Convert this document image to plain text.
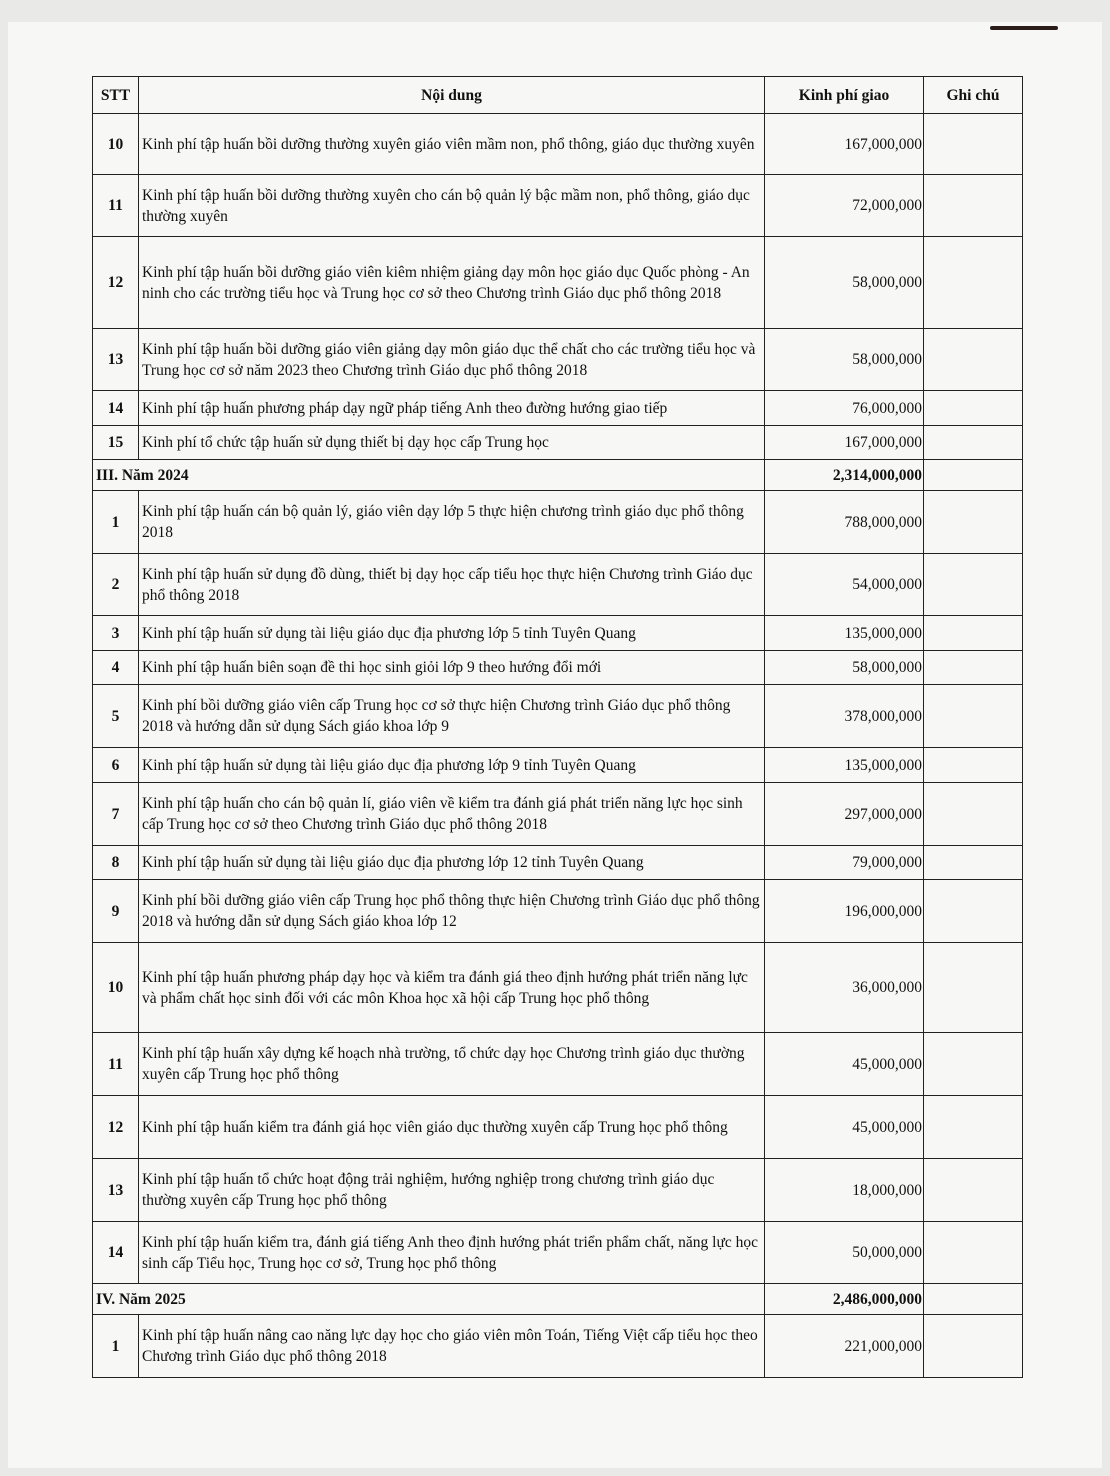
STT	Nội dung	Kinh phí giao	Ghi chú
10	Kinh phí tập huấn bồi dưỡng thường xuyên giáo viên mầm non, phổ thông, giáo dục thường xuyên	167,000,000	
11	Kinh phí tập huấn bồi dưỡng thường xuyên cho cán bộ quản lý bậc mầm non, phổ thông, giáo dục thường xuyên	72,000,000	
12	Kinh phí tập huấn bồi dưỡng giáo viên kiêm nhiệm giảng dạy môn học giáo dục Quốc phòng - An ninh cho các trường tiểu học và Trung học cơ sở theo Chương trình Giáo dục phổ thông 2018	58,000,000	
13	Kinh phí tập huấn bồi dưỡng giáo viên giảng dạy môn giáo dục thể chất cho các trường tiểu học và Trung học cơ sở năm 2023 theo Chương trình Giáo dục phổ thông 2018	58,000,000	
14	Kinh phí tập huấn phương pháp dạy ngữ pháp tiếng Anh theo đường hướng giao tiếp	76,000,000	
15	Kinh phí tổ chức tập huấn sử dụng thiết bị dạy học cấp Trung học	167,000,000	
III. Năm 2024		2,314,000,000	
1	Kinh phí tập huấn cán bộ quản lý, giáo viên dạy lớp 5 thực hiện chương trình giáo dục phổ thông 2018	788,000,000	
2	Kinh phí tập huấn sử dụng đồ dùng, thiết bị dạy học cấp tiểu học thực hiện Chương trình Giáo dục phổ thông 2018	54,000,000	
3	Kinh phí tập huấn sử dụng tài liệu giáo dục địa phương lớp 5 tỉnh Tuyên Quang	135,000,000	
4	Kinh phí tập huấn biên soạn đề thi học sinh giỏi lớp 9 theo hướng đổi mới	58,000,000	
5	Kinh phí bồi dưỡng giáo viên cấp Trung học cơ sở thực hiện Chương trình Giáo dục phổ thông 2018 và hướng dẫn sử dụng Sách giáo khoa lớp 9	378,000,000	
6	Kinh phí tập huấn sử dụng tài liệu giáo dục địa phương lớp 9 tỉnh Tuyên Quang	135,000,000	
7	Kinh phí tập huấn cho cán bộ quản lí, giáo viên về kiểm tra đánh giá phát triển năng lực học sinh cấp Trung học cơ sở theo Chương trình Giáo dục phổ thông 2018	297,000,000	
8	Kinh phí tập huấn sử dụng tài liệu giáo dục địa phương lớp 12 tỉnh Tuyên Quang	79,000,000	
9	Kinh phí bồi dưỡng giáo viên cấp Trung học phổ thông thực hiện Chương trình Giáo dục phổ thông 2018 và hướng dẫn sử dụng Sách giáo khoa lớp 12	196,000,000	
10	Kinh phí tập huấn phương pháp dạy học và kiểm tra đánh giá theo định hướng phát triển năng lực và phẩm chất học sinh đối với các môn Khoa học xã hội cấp Trung học phổ thông	36,000,000	
11	Kinh phí tập huấn xây dựng kế hoạch nhà trường, tổ chức dạy học Chương trình giáo dục thường xuyên cấp Trung học phổ thông	45,000,000	
12	Kinh phí tập huấn kiểm tra đánh giá học viên giáo dục thường xuyên cấp Trung học phổ thông	45,000,000	
13	Kinh phí tập huấn tổ chức hoạt động trải nghiệm, hướng nghiệp trong chương trình giáo dục thường xuyên cấp Trung học phổ thông	18,000,000	
14	Kinh phí tập huấn kiểm tra, đánh giá tiếng Anh theo định hướng phát triển phẩm chất, năng lực học sinh cấp Tiểu học, Trung học cơ sở, Trung học phổ thông	50,000,000	
IV. Năm 2025		2,486,000,000	
1	Kinh phí tập huấn nâng cao năng lực dạy học cho giáo viên môn Toán, Tiếng Việt cấp tiểu học theo Chương trình Giáo dục phổ thông 2018	221,000,000	
